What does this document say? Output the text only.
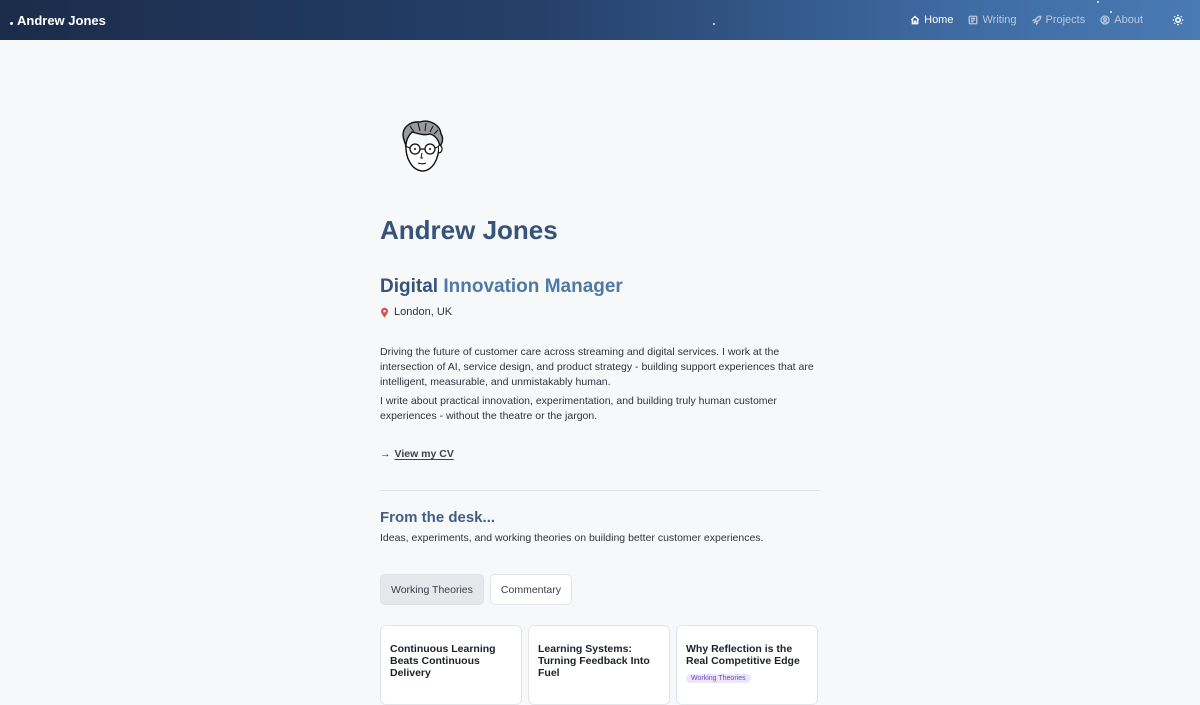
Andrew Jones	Home	Writing	Projects	About
Andrew Jones
Digital Innovation Manager
London, UK

Driving the future of customer care across streaming and digital services. I work at the intersection of AI, service design, and product strategy - building support experiences that are intelligent, measurable, and unmistakably human.

I write about practical innovation, experimentation, and building truly human customer experiences - without the theatre or the jargon.

→ View my CV
From the desk...

Ideas, experiments, and working theories on building better customer experiences.

Working Theories	Commentary
Continuous Learning Beats Continuous Delivery
Learning Systems: Turning Feedback Into Fuel
Why Reflection is the Real Competitive Edge
Working Theories
